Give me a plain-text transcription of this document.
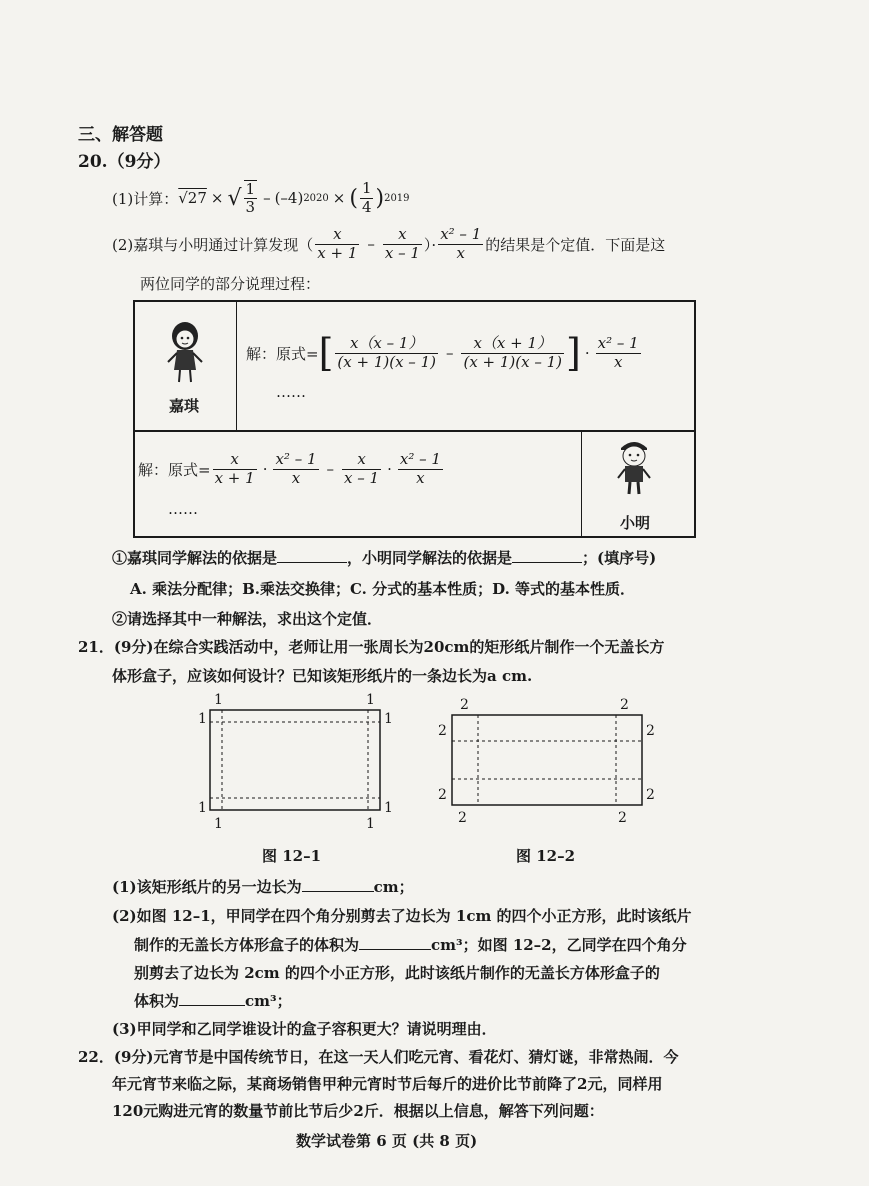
三、解答题
20.（9分）
(1)计算： √27 × √ $\frac{1}{3} - (-4) 2020$ × ( $\frac{1}{4}$ ) 2019
(2)嘉琪与小明通过计算发现（ $\frac{x}{x + 1} - \frac{x}{x - 1}$ ）· $\frac{\text{x² – 1}}{x}$ 的结果是个定值．下面是这
两位同学的部分说理过程：
嘉琪
解：原式= [ $\frac{x(x - 1)}{(x + 1)(x - 1)} - \frac{x(x + 1)}{(x + 1)(x - 1)}$ ] · $\frac{\text{x² – 1}}{x}$
……
解：原式= $\frac{x}{x + 1} \cdot \frac{\text{x² – 1}}{x} - \frac{x}{x - 1} \cdot \frac{\text{x² – 1}}{x}$
……
小明
①嘉琪同学解法的依据是	，小明同学解法的依据是	；(填序号)
A. 乘法分配律；B.乘法交换律；C. 分式的基本性质；D. 等式的基本性质．
②请选择其中一种解法，求出这个定值．
21．(9分)在综合实践活动中，老师让用一张周长为20cm的矩形纸片制作一个无盖长方
体形盒子，应该如何设计？已知该矩形纸片的一条边长为a cm.
1	1
1	1
1	1
1	1
图 12–1
2	2
2	2
2	2
2	2
图 12–2
(1)该矩形纸片的另一边长为	cm；
(2)如图 12–1，甲同学在四个角分别剪去了边长为 1cm 的四个小正方形，此时该纸片
制作的无盖长方体形盒子的体积为	cm³；如图 12–2，乙同学在四个角分
别剪去了边长为 2cm 的四个小正方形，此时该纸片制作的无盖长方体形盒子的
体积为	cm³；
(3)甲同学和乙同学谁设计的盒子容积更大？请说明理由．
22．(9分)元宵节是中国传统节日，在这一天人们吃元宵、看花灯、猜灯谜，非常热闹．今
年元宵节来临之际，某商场销售甲种元宵时节后每斤的进价比节前降了2元，同样用
120元购进元宵的数量节前比节后少2斤．根据以上信息，解答下列问题：
数学试卷第 6 页 (共 8 页)
